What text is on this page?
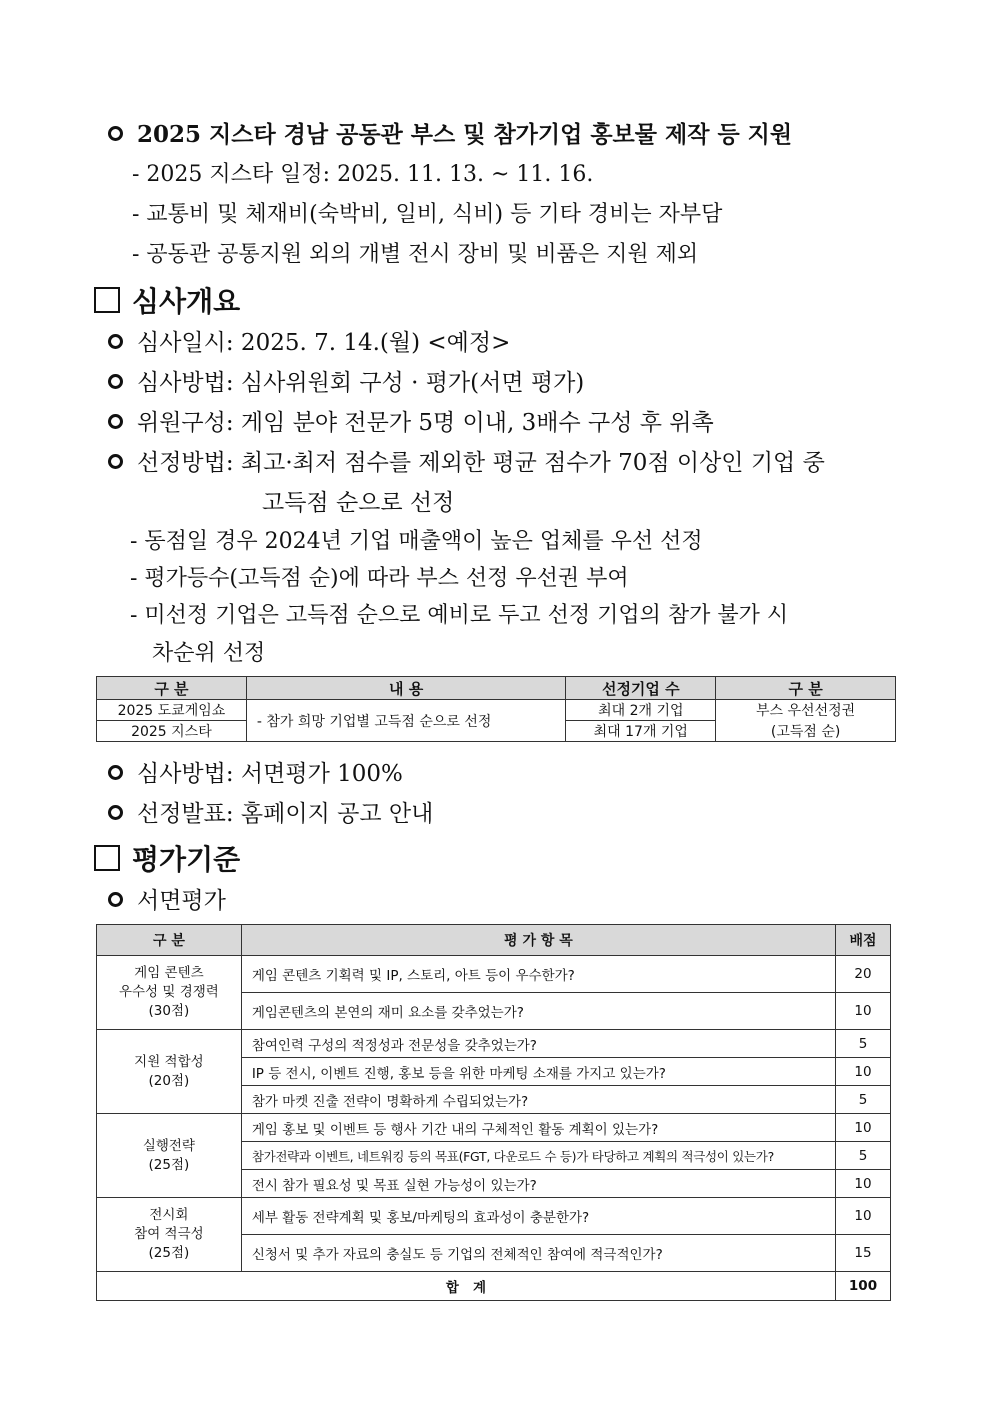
2025 지스타 경남 공동관 부스 및 참가기업 홍보물 제작 등 지원
- 2025 지스타 일정: 2025. 11. 13. ~ 11. 16.
- 교통비 및 체재비(숙박비, 일비, 식비) 등 기타 경비는 자부담
- 공동관 공통지원 외의 개별 전시 장비 및 비품은 지원 제외
심사개요
심사일시: 2025. 7. 14.(월) <예정>
심사방법: 심사위원회 구성 · 평가(서면 평가)
위원구성: 게임 분야 전문가 5명 이내, 3배수 구성 후 위촉
선정방법: 최고·최저 점수를 제외한 평균 점수가 70점 이상인 기업 중
고득점 순으로 선정
- 동점일 경우 2024년 기업 매출액이 높은 업체를 우선 선정
- 평가등수(고득점 순)에 따라 부스 선정 우선권 부여
- 미선정 기업은 고득점 순으로 예비로 두고 선정 기업의 참가 불가 시
차순위 선정
구 분	내 용	선정기업 수	구 분
2025 도쿄게임쇼	- 참가 희망 기업별 고득점 순으로 선정	최대 2개 기업	부스 우선선정권
2025 지스타		최대 17개 기업	(고득점 순)
심사방법: 서면평가 100%
선정발표: 홈페이지 공고 안내
평가기준
서면평가
구 분	평 가 항 목	배점

게임 콘텐츠
우수성 및 경쟁력
(30점)	게임 콘텐츠 기획력 및 IP, 스토리, 아트 등이 우수한가?	20
	게임콘텐츠의 본연의 재미 요소를 갖추었는가?	10

지원 적합성
(20점)	참여인력 구성의 적정성과 전문성을 갖추었는가?	5
	IP 등 전시, 이벤트 진행, 홍보 등을 위한 마케팅 소재를 가지고 있는가?	10
	참가 마켓 진출 전략이 명확하게 수립되었는가?	5

실행전략
(25점)	게임 홍보 및 이벤트 등 행사 기간 내의 구체적인 활동 계획이 있는가?	10
	참가전략과 이벤트, 네트워킹 등의 목표(FGT, 다운로드 수 등)가 타당하고 계획의 적극성이 있는가?	5
	전시 참가 필요성 및 목표 실현 가능성이 있는가?	10

전시회
참여 적극성
(25점)	세부 활동 전략계획 및 홍보/마케팅의 효과성이 충분한가?	10
	신청서 및 추가 자료의 충실도 등 기업의 전체적인 참여에 적극적인가?	15
합   계		100
